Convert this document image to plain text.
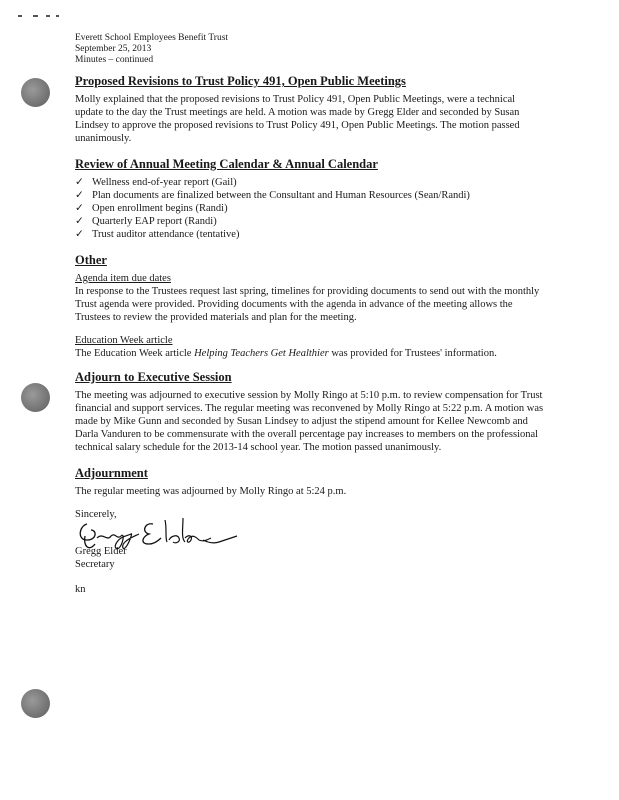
Everett School Employees Benefit Trust
September 25, 2013
Minutes – continued
Proposed Revisions to Trust Policy 491, Open Public Meetings

Molly explained that the proposed revisions to Trust Policy 491, Open Public Meetings, were a technical update to the day the Trust meetings are held. A motion was made by Gregg Elder and seconded by Susan Lindsey to approve the proposed revisions to Trust Policy 491, Open Public Meetings. The motion passed unanimously.

Review of Annual Meeting Calendar & Annual Calendar
✓ Wellness end-of-year report (Gail)
✓ Plan documents are finalized between the Consultant and Human Resources (Sean/Randi)
✓ Open enrollment begins (Randi)
✓ Quarterly EAP report (Randi)
✓ Trust auditor attendance (tentative)
Other
Agenda item due dates

In response to the Trustees request last spring, timelines for providing documents to send out with the monthly Trust agenda were provided. Providing documents with the agenda in advance of the meeting allows the Trustees to review the provided materials and plan for the meeting.

Education Week article

The Education Week article Helping Teachers Get Healthier was provided for Trustees' information.

Adjourn to Executive Session

The meeting was adjourned to executive session by Molly Ringo at 5:10 p.m. to review compensation for Trust financial and support services. The regular meeting was reconvened by Molly Ringo at 5:22 p.m. A motion was made by Mike Gunn and seconded by Susan Lindsey to adjust the stipend amount for Kellee Newcomb and Darla Vanduren to be commensurate with the overall percentage pay increases to members on the professional technical salary schedule for the 2013-14 school year. The motion passed unanimously.

Adjournment

The regular meeting was adjourned by Molly Ringo at 5:24 p.m.

Sincerely,
Gregg Elder
Secretary
kn
